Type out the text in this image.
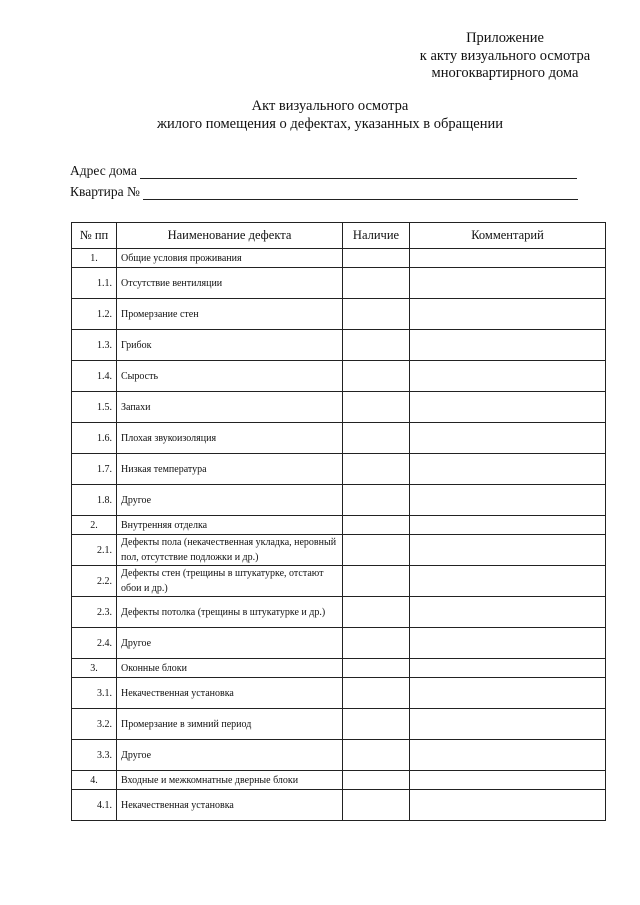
Приложение
к акту визуального осмотра
многоквартирного дома
Акт визуального осмотра
жилого помещения о дефектах, указанных в обращении
Адрес дома
Квартира №
№ пп	Наименование дефекта	Наличие	Комментарий
1.	Общие условия проживания		
1.1.	Отсутствие вентиляции		
1.2.	Промерзание стен		
1.3.	Грибок		
1.4.	Сырость		
1.5.	Запахи		
1.6.	Плохая звукоизоляция		
1.7.	Низкая температура		
1.8.	Другое		
2.	Внутренняя отделка		
2.1.	Дефекты пола (некачественная укладка, неровный пол, отсутствие подложки и др.)		
2.2.	Дефекты стен (трещины в штукатурке, отстают обои и др.)		
2.3.	Дефекты потолка (трещины в штукатурке и др.)		
2.4.	Другое		
3.	Оконные блоки		
3.1.	Некачественная установка		
3.2.	Промерзание в зимний период		
3.3.	Другое		
4.	Входные и межкомнатные дверные блоки		
4.1.	Некачественная установка		
